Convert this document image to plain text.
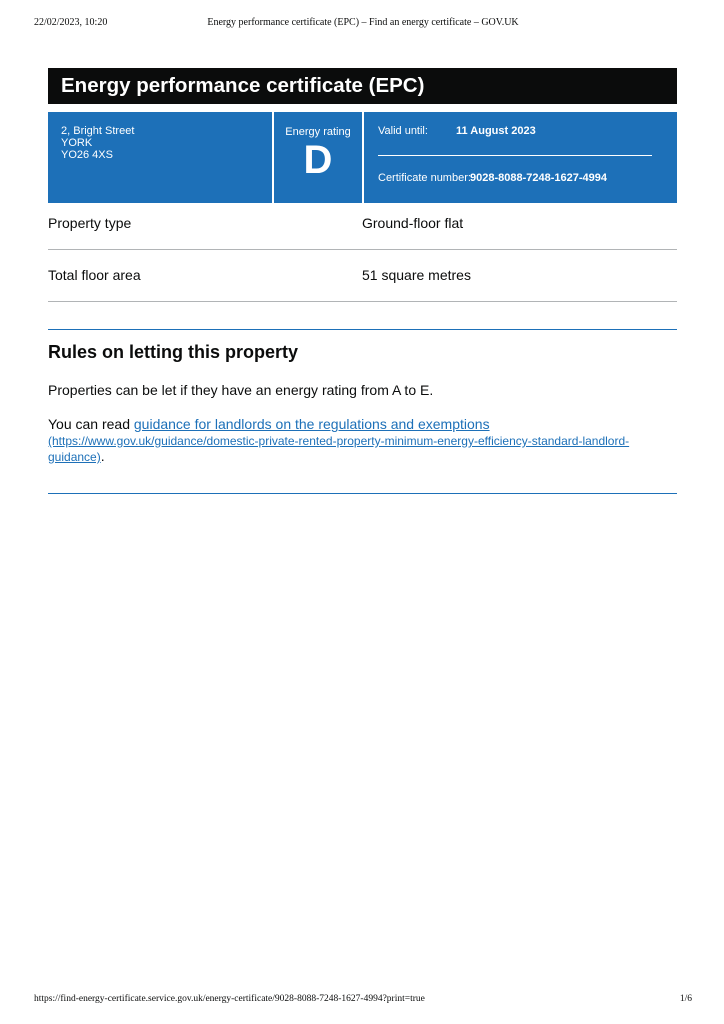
22/02/2023, 10:20	Energy performance certificate (EPC) – Find an energy certificate – GOV.UK
Energy performance certificate (EPC)
2, Bright Street
YORK
YO26 4XS
Energy rating
D
Valid until:	11 August 2023
Certificate number: 9028-8088-7248-1627-4994
Property type	Ground-floor flat
Total floor area	51 square metres
Rules on letting this property

Properties can be let if they have an energy rating from A to E.

You can read guidance for landlords on the regulations and exemptions
(https://www.gov.uk/guidance/domestic-private-rented-property-minimum-energy-efficiency-standard-landlord-guidance).

https://find-energy-certificate.service.gov.uk/energy-certificate/9028-8088-7248-1627-4994?print=true	1/6
